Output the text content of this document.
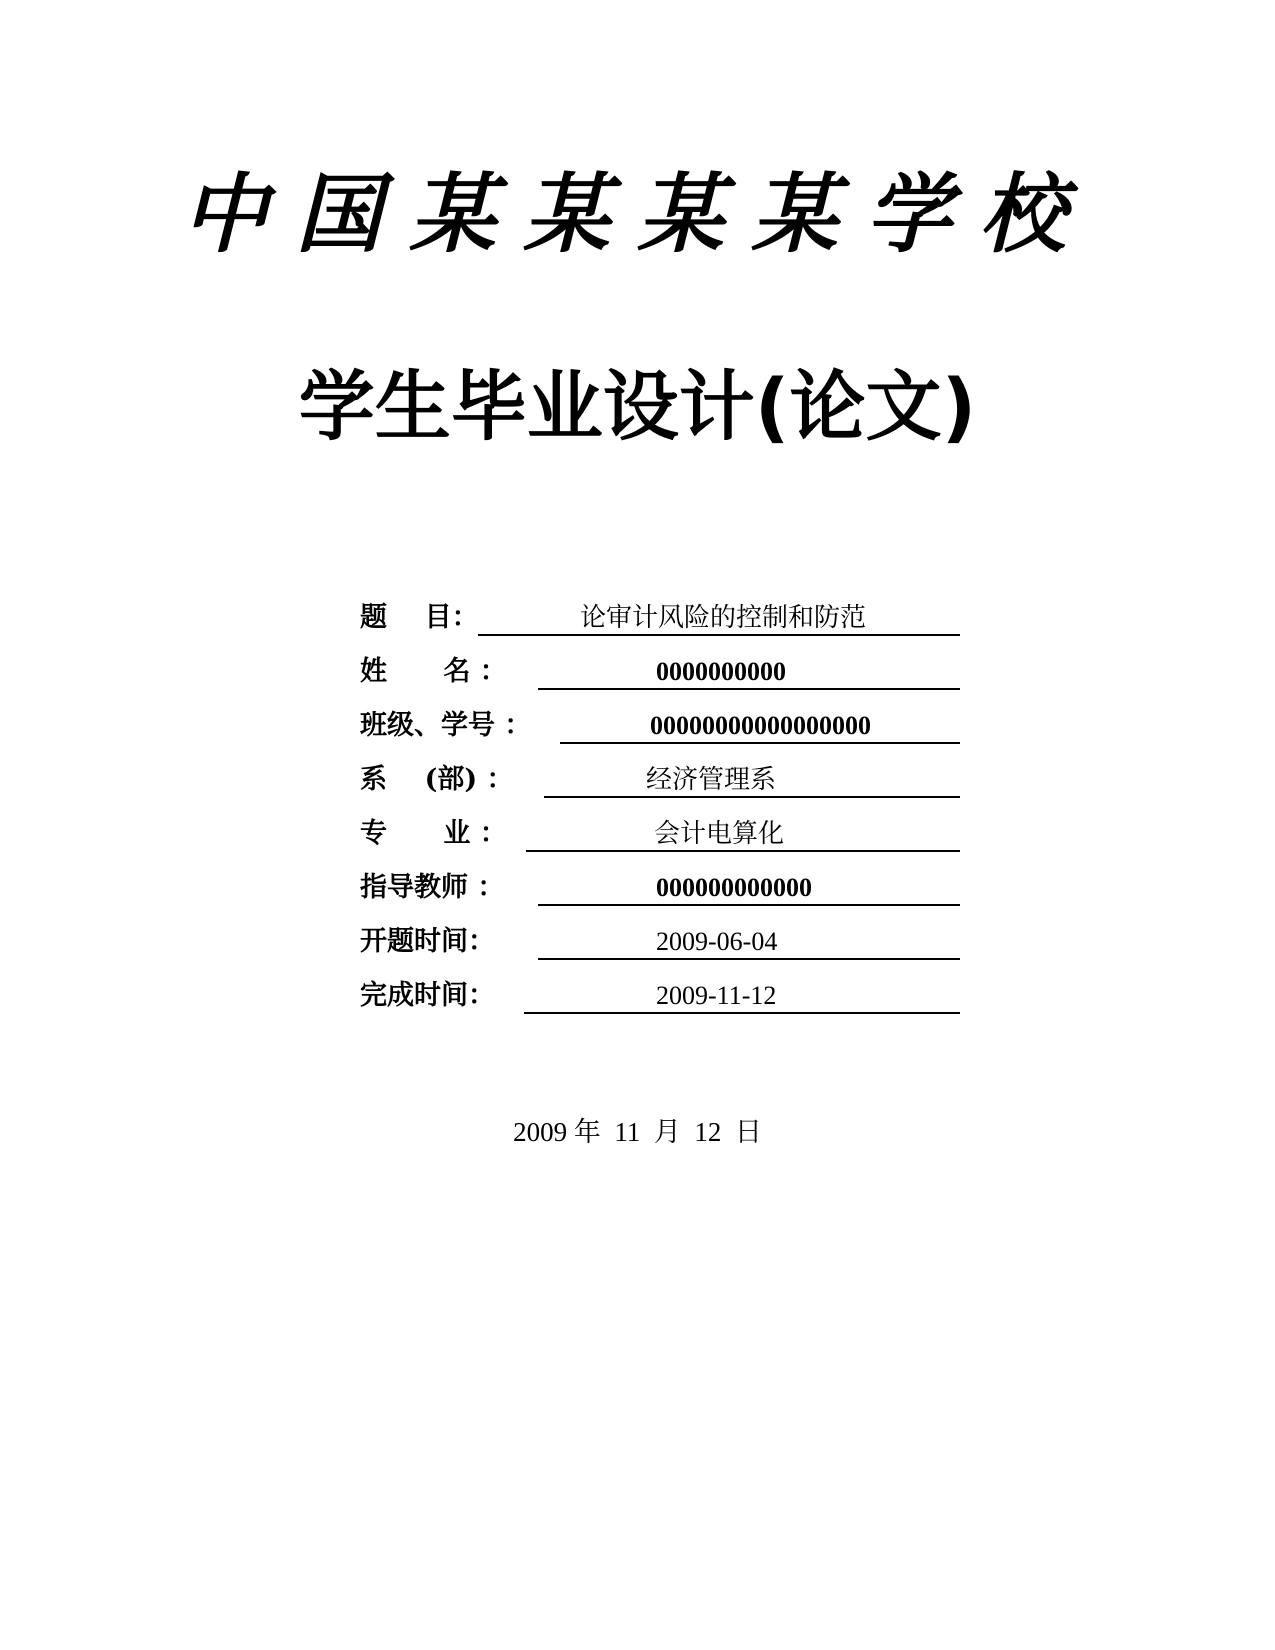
中国某某某某学校
学生毕业设计(论文)
题    目：	论审计风险的控制和防范
姓      名 ：	0000000000
班级、学号 ：	00000000000000000
系    (部) ：	经济管理系
专      业 ：	会计电算化
指导教师 ：	000000000000
开题时间：	2009-06-04
完成时间：	2009-11-12
2009 年  11  月  12  日
